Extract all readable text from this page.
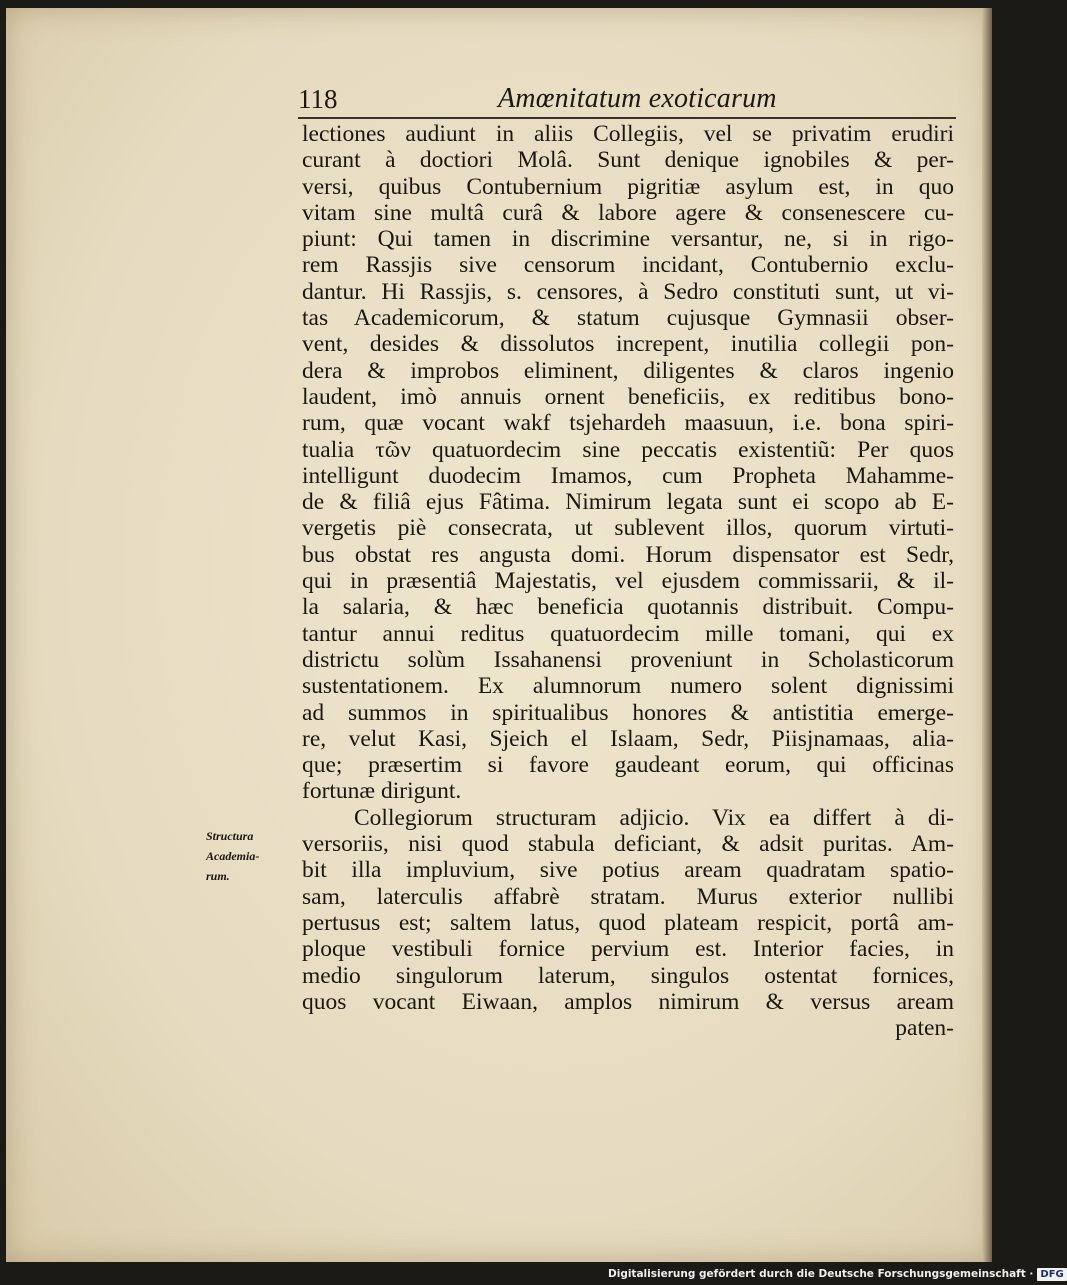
118	Amœnitatum exoticarum
Structura
Academia-
rum.
lectiones audiunt in aliis Collegiis, vel se privatim erudiri
curant à doctiori Molâ. Sunt denique ignobiles & per-
versi, quibus Contubernium pigritiæ asylum est, in quo
vitam sine multâ curâ & labore agere & consenescere cu-
piunt: Qui tamen in discrimine versantur, ne, si in rigo-
rem Rassjis sive censorum incidant, Contubernio exclu-
dantur. Hi Rassjis, s. censores, à Sedro constituti sunt, ut vi-
tas Academicorum, & statum cujusque Gymnasii obser-
vent, desides & dissolutos increpent, inutilia collegii pon-
dera & improbos eliminent, diligentes & claros ingenio
laudent, imò annuis ornent beneficiis, ex reditibus bono-
rum, quæ vocant wakf tsjehardeh maasuun, i.e. bona spiri-
tualia τῶν quatuordecim sine peccatis existentiũ: Per quos
intelligunt duodecim Imamos, cum Propheta Mahamme-
de & filiâ ejus Fâtima. Nimirum legata sunt ei scopo ab E-
vergetis piè consecrata, ut sublevent illos, quorum virtuti-
bus obstat res angusta domi. Horum dispensator est Sedr,
qui in præsentiâ Majestatis, vel ejusdem commissarii, & il-
la salaria, & hæc beneficia quotannis distribuit. Compu-
tantur annui reditus quatuordecim mille tomani, qui ex
districtu solùm Issahanensi proveniunt in Scholasticorum
sustentationem. Ex alumnorum numero solent dignissimi
ad summos in spiritualibus honores & antistitia emerge-
re, velut Kasi, Sjeich el Islaam, Sedr, Piisjnamaas, alia-
que; præsertim si favore gaudeant eorum, qui officinas
fortunæ dirigunt.
Collegiorum structuram adjicio. Vix ea differt à di-
versoriis, nisi quod stabula deficiant, & adsit puritas. Am-
bit illa impluvium, sive potius aream quadratam spatio-
sam, laterculis affabrè stratam. Murus exterior nullibi
pertusus est; saltem latus, quod plateam respicit, portâ am-
ploque vestibuli fornice pervium est. Interior facies, in
medio singulorum laterum, singulos ostentat fornices,
quos vocant Eiwaan, amplos nimirum & versus aream
paten-
Digitalisierung gefördert durch die Deutsche Forschungsgemeinschaft · DFG
